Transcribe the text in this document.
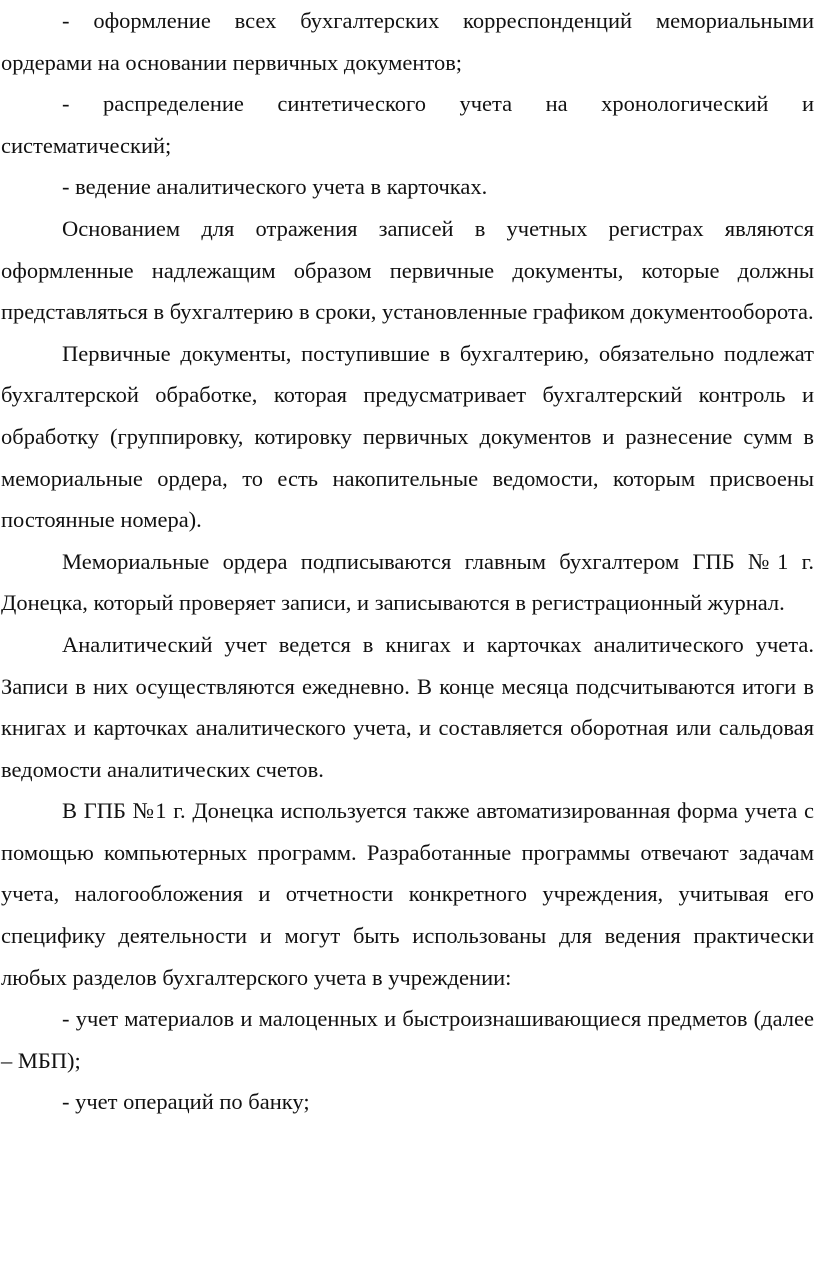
- оформление всех бухгалтерских корреспонденций мемориальными ордерами на основании первичных документов;

- распределение синтетического учета на хронологический и систематический;

- ведение аналитического учета в карточках.

Основанием для отражения записей в учетных регистрах являются оформленные надлежащим образом первичные документы, которые должны представляться в бухгалтерию в сроки, установленные графиком документооборота.

Первичные документы, поступившие в бухгалтерию, обязательно подлежат бухгалтерской обработке, которая предусматривает бухгалтерский контроль и обработку (группировку, котировку первичных документов и разнесение сумм в мемориальные ордера, то есть накопительные ведомости, которым присвоены постоянные номера).

Мемориальные ордера подписываются главным бухгалтером ГПБ №1 г. Донецка, который проверяет записи, и записываются в регистрационный журнал.

Аналитический учет ведется в книгах и карточках аналитического учета. Записи в них осуществляются ежедневно. В конце месяца подсчитываются итоги в книгах и карточках аналитического учета, и составляется оборотная или сальдовая ведомости аналитических счетов.

В ГПБ №1 г. Донецка используется также автоматизированная форма учета с помощью компьютерных программ. Разработанные программы отвечают задачам учета, налогообложения и отчетности конкретного учреждения, учитывая его специфику деятельности и могут быть использованы для ведения практически любых разделов бухгалтерского учета в учреждении:

- учет материалов и малоценных и быстроизнашивающиеся предметов (далее – МБП);

- учет операций по банку;
